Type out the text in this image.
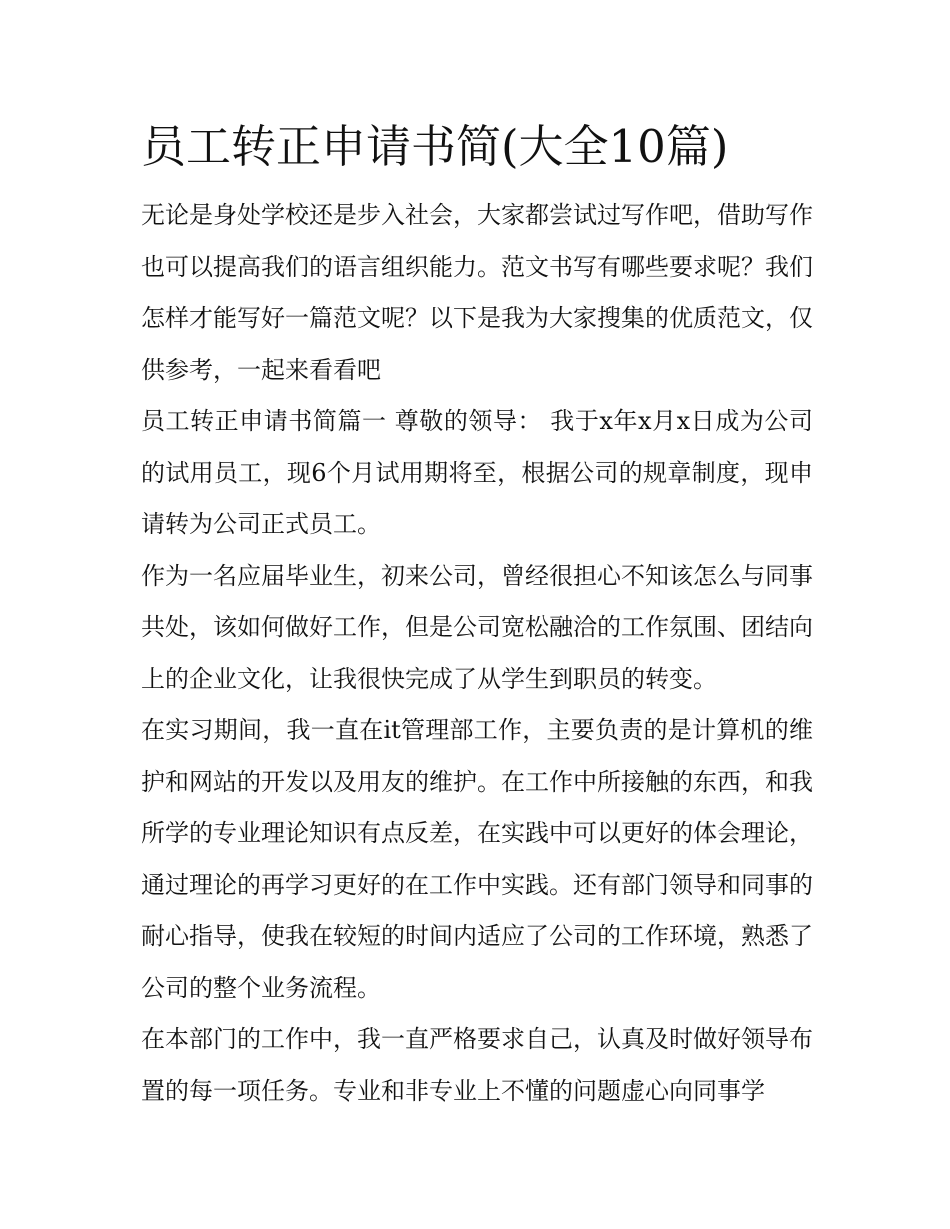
员工转正申请书简(大全10篇)

无论是身处学校还是步入社会，大家都尝试过写作吧，借助写作也可以提高我们的语言组织能力。范文书写有哪些要求呢？我们怎样才能写好一篇范文呢？以下是我为大家搜集的优质范文，仅供参考，一起来看看吧

员工转正申请书简篇一 尊敬的领导： 我于x年x月x日成为公司的试用员工，现6个月试用期将至，根据公司的规章制度，现申请转为公司正式员工。

作为一名应届毕业生，初来公司，曾经很担心不知该怎么与同事共处，该如何做好工作，但是公司宽松融洽的工作氛围、团结向上的企业文化，让我很快完成了从学生到职员的转变。

在实习期间，我一直在it管理部工作，主要负责的是计算机的维护和网站的开发以及用友的维护。在工作中所接触的东西，和我所学的专业理论知识有点反差，在实践中可以更好的体会理论，通过理论的再学习更好的在工作中实践。还有部门领导和同事的耐心指导，使我在较短的时间内适应了公司的工作环境，熟悉了公司的整个业务流程。

在本部门的工作中，我一直严格要求自己，认真及时做好领导布置的每一项任务。专业和非专业上不懂的问题虚心向同事学
